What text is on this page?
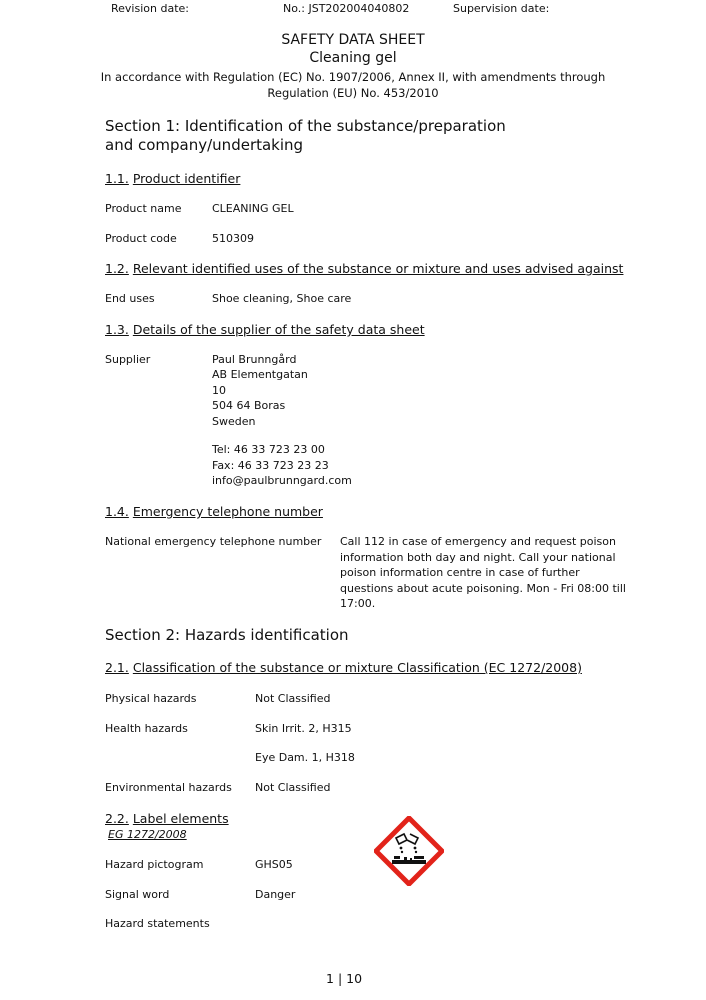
Revision date:	No.: JST202004040802	Supervision date:
SAFETY DATA SHEET
Cleaning gel
In accordance with Regulation (EC) No. 1907/2006, Annex II, with amendments through
Regulation (EU) No. 453/2010
Section 1: Identification of the substance/preparation
and company/undertaking
1.1. Product identifier
Product name	CLEANING GEL
Product code	510309
1.2. Relevant identified uses of the substance or mixture and uses advised against
End uses	Shoe cleaning, Shoe care
1.3. Details of the supplier of the safety data sheet
Supplier	Paul Brunngård
AB Elementgatan
10
504 64 Boras
Sweden
Tel: 46 33 723 23 00
Fax: 46 33 723 23 23
info@paulbrunngard.com
1.4. Emergency telephone number
National emergency telephone number Call 112 in case of emergency and request poison
information both day and night. Call your national
poison information centre in case of further
questions about acute poisoning. Mon - Fri 08:00 till
17:00.
Section 2: Hazards identification
2.1. Classification of the substance or mixture Classification (EC 1272/2008)
Physical hazards	Not Classified
Health hazards	Skin Irrit. 2, H315
Eye Dam. 1, H318
Environmental hazards Not Classified
2.2. Label elements
EG 1272/2008
Hazard pictogram	GHS05
Signal word	Danger
Hazard statements
1 | 10
